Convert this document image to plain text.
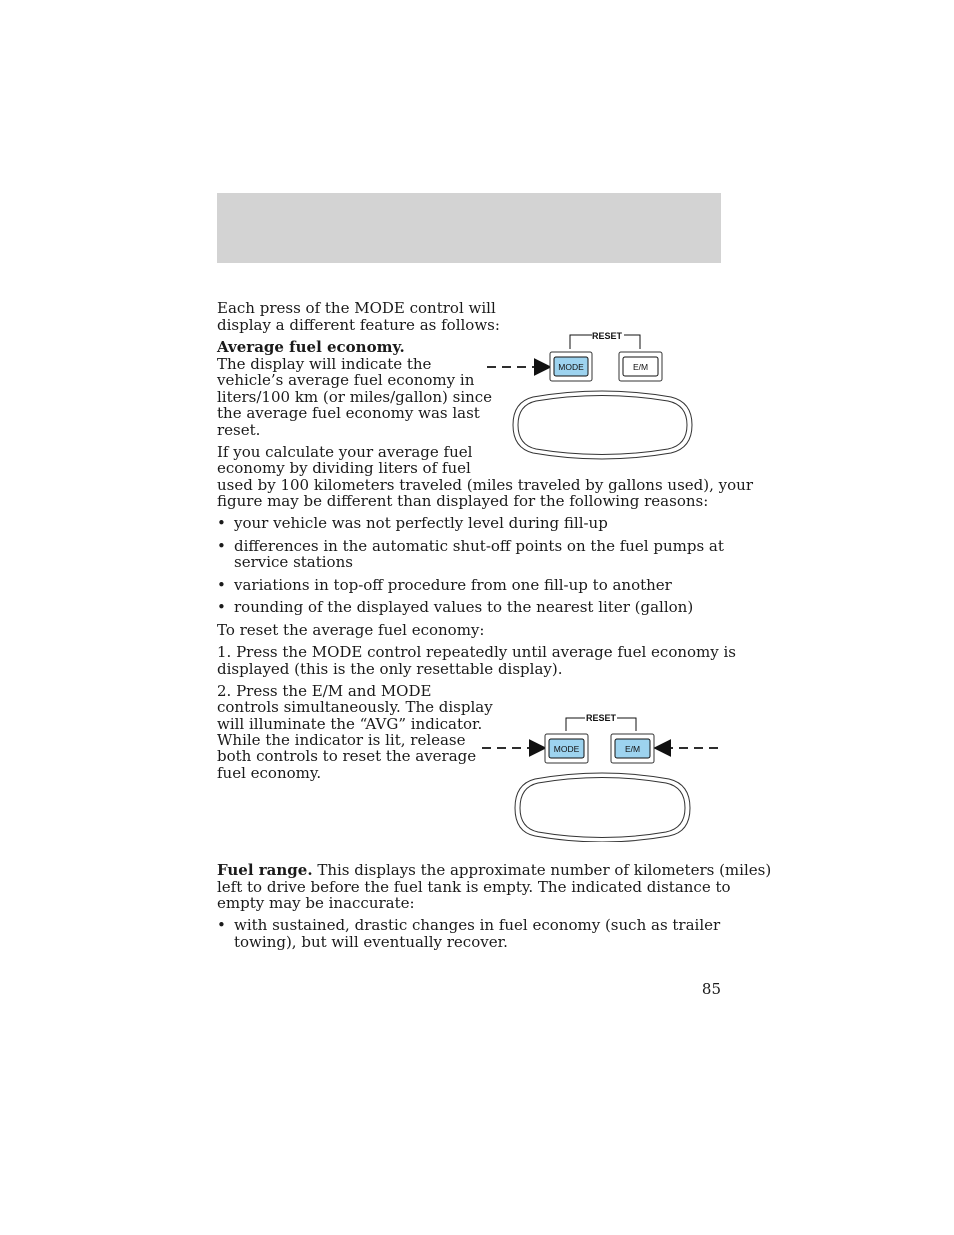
Each press of the MODE control will

display a different feature as follows:

Average fuel economy.

The display will indicate the

vehicle’s average fuel economy in

liters/100 km (or miles/gallon) since

the average fuel economy was last

reset.

If you calculate your average fuel

economy by dividing liters of fuel

used by 100 kilometers traveled (miles traveled by gallons used), your

figure may be different than displayed for the following reasons:

• your vehicle was not perfectly level during fill-up
• differences in the automatic shut-off points on the fuel pumps at
service stations
• variations in top-off procedure from one fill-up to another
• rounding of the displayed values to the nearest liter (gallon)

To reset the average fuel economy:

1. Press the MODE control repeatedly until average fuel economy is

displayed (this is the only resettable display).

2. Press the E/M and MODE

controls simultaneously. The display

will illuminate the “AVG” indicator.

While the indicator is lit, release

both controls to reset the average

fuel economy.

Fuel range. This displays the approximate number of kilometers (miles)

left to drive before the fuel tank is empty. The indicated distance to

empty may be inaccurate:

• with sustained, drastic changes in fuel economy (such as trailer
towing), but will eventually recover.
85
RESET
MODE	E/M
RESET
MODE	E/M
